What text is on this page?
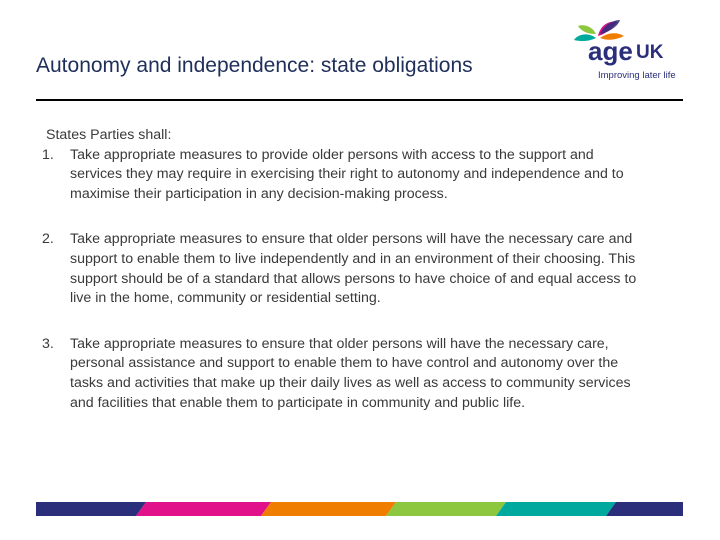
Autonomy and independence: state obligations	age UK
Improving later life

States Parties shall:

1. Take appropriate measures to provide older persons with access to the support and services they may require in exercising their right to autonomy and independence and to maximise their participation in any decision-making process.
2. Take appropriate measures to ensure that older persons will have the necessary care and support to enable them to live independently and in an environment of their choosing. This support should be of a standard that allows persons to have choice of and equal access to live in the home, community or residential setting.
3. Take appropriate measures to ensure that older persons will have the necessary care, personal assistance and support to enable them to have control and autonomy over the tasks and activities that make up their daily lives as well as access to community services and facilities that enable them to participate in community and public life.
